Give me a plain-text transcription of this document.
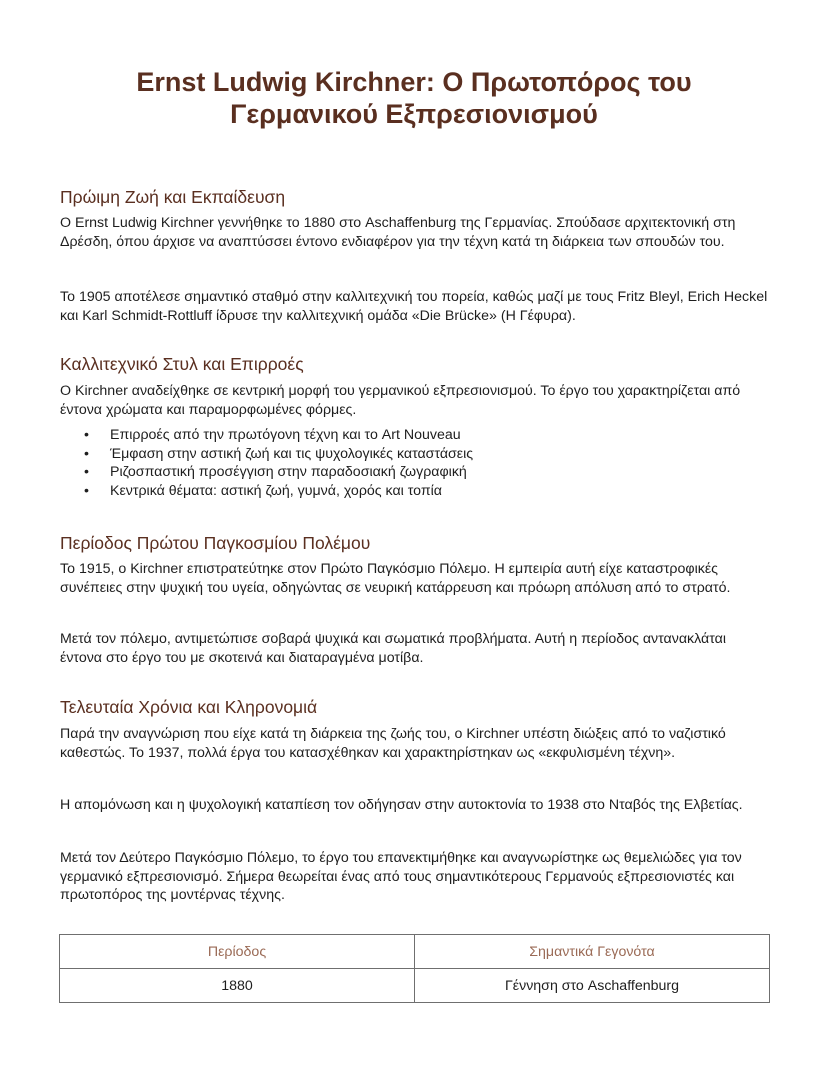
Ernst Ludwig Kirchner: Ο Πρωτοπόρος του Γερμανικού Εξπρεσιονισμού
Πρώιμη Ζωή και Εκπαίδευση

Ο Ernst Ludwig Kirchner γεννήθηκε το 1880 στο Aschaffenburg της Γερμανίας. Σπούδασε αρχιτεκτονική στη Δρέσδη, όπου άρχισε να αναπτύσσει έντονο ενδιαφέρον για την τέχνη κατά τη διάρκεια των σπουδών του.

Το 1905 αποτέλεσε σημαντικό σταθμό στην καλλιτεχνική του πορεία, καθώς μαζί με τους Fritz Bleyl, Erich Heckel και Karl Schmidt-Rottluff ίδρυσε την καλλιτεχνική ομάδα «Die Brücke» (Η Γέφυρα).

Καλλιτεχνικό Στυλ και Επιρροές

Ο Kirchner αναδείχθηκε σε κεντρική μορφή του γερμανικού εξπρεσιονισμού. Το έργο του χαρακτηρίζεται από έντονα χρώματα και παραμορφωμένες φόρμες.

• Επιρροές από την πρωτόγονη τέχνη και το Art Nouveau
• Έμφαση στην αστική ζωή και τις ψυχολογικές καταστάσεις
• Ριζοσπαστική προσέγγιση στην παραδοσιακή ζωγραφική
• Κεντρικά θέματα: αστική ζωή, γυμνά, χορός και τοπία
Περίοδος Πρώτου Παγκοσμίου Πολέμου

Το 1915, ο Kirchner επιστρατεύτηκε στον Πρώτο Παγκόσμιο Πόλεμο. Η εμπειρία αυτή είχε καταστροφικές συνέπειες στην ψυχική του υγεία, οδηγώντας σε νευρική κατάρρευση και πρόωρη απόλυση από το στρατό.

Μετά τον πόλεμο, αντιμετώπισε σοβαρά ψυχικά και σωματικά προβλήματα. Αυτή η περίοδος αντανακλάται έντονα στο έργο του με σκοτεινά και διαταραγμένα μοτίβα.

Τελευταία Χρόνια και Κληρονομιά

Παρά την αναγνώριση που είχε κατά τη διάρκεια της ζωής του, ο Kirchner υπέστη διώξεις από το ναζιστικό καθεστώς. Το 1937, πολλά έργα του κατασχέθηκαν και χαρακτηρίστηκαν ως «εκφυλισμένη τέχνη».

Η απομόνωση και η ψυχολογική καταπίεση τον οδήγησαν στην αυτοκτονία το 1938 στο Νταβός της Ελβετίας.

Μετά τον Δεύτερο Παγκόσμιο Πόλεμο, το έργο του επανεκτιμήθηκε και αναγνωρίστηκε ως θεμελιώδες για τον γερμανικό εξπρεσιονισμό. Σήμερα θεωρείται ένας από τους σημαντικότερους Γερμανούς εξπρεσιονιστές και πρωτοπόρος της μοντέρνας τέχνης.

Περίοδος	Σημαντικά Γεγονότα
1880	Γέννηση στο Aschaffenburg
